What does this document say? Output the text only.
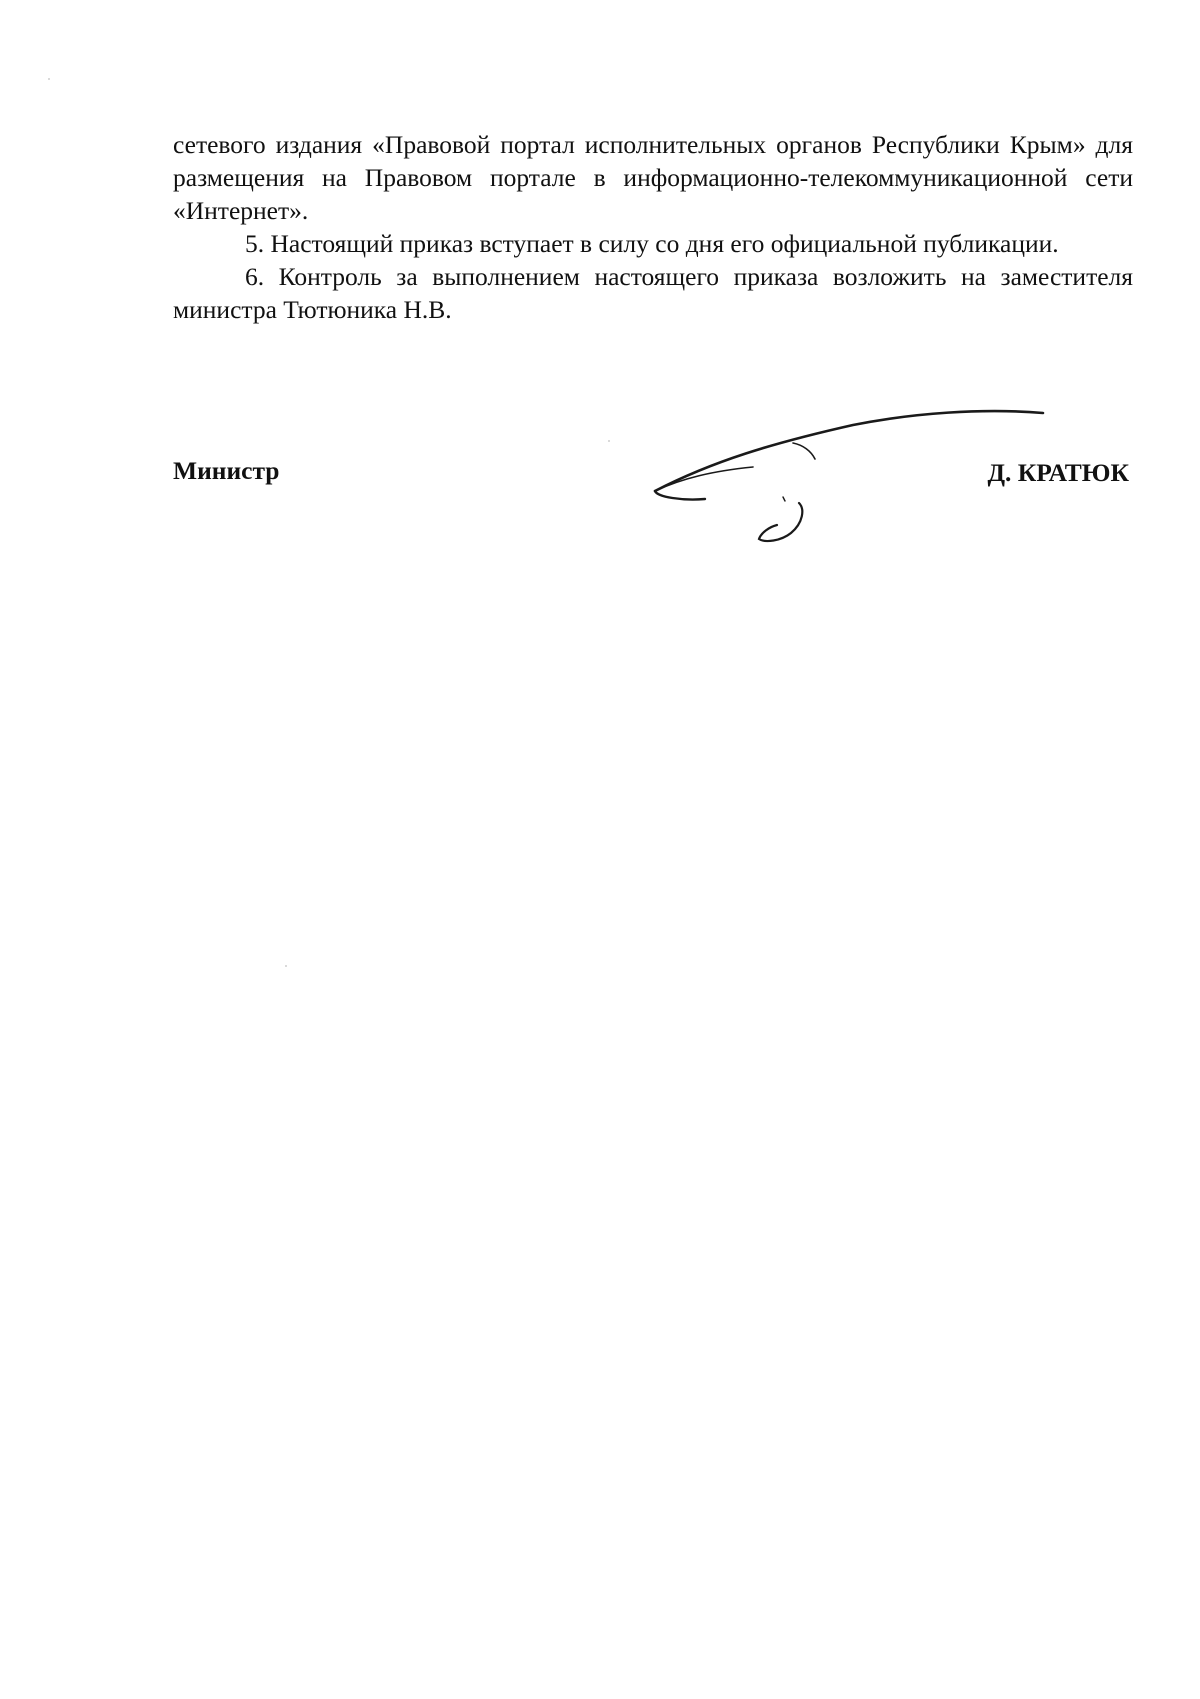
сетевого издания «Правовой портал исполнительных органов Республики Крым» для размещения на Правовом портале в информационно-телекоммуникационной сети «Интернет».

5. Настоящий приказ вступает в силу со дня его официальной публикации.

6. Контроль за выполнением настоящего приказа возложить на заместителя министра Тютюника Н.В.

Министр	Д. КРАТЮК
